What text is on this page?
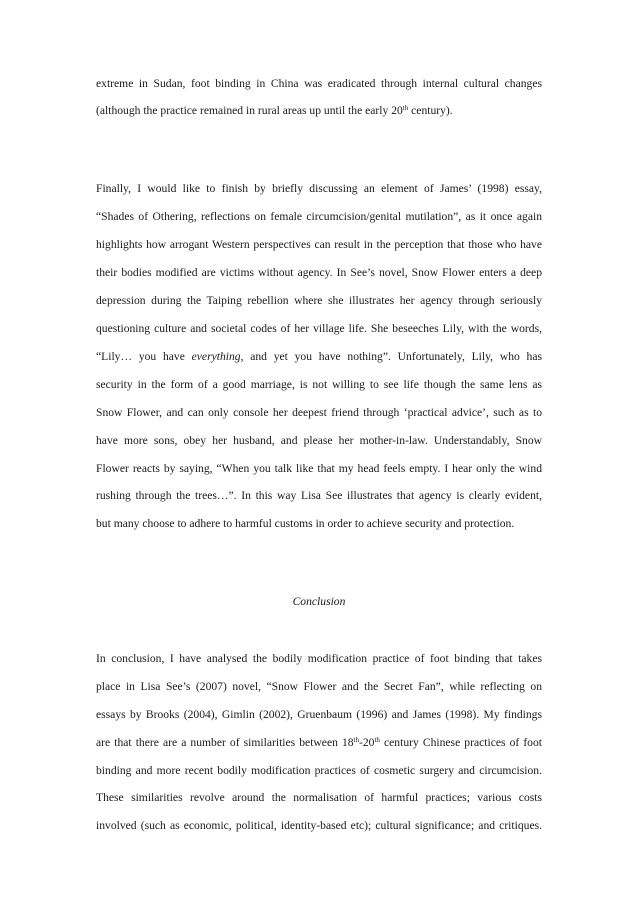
extreme in Sudan, foot binding in China was eradicated through internal cultural changes
(although the practice remained in rural areas up until the early 20th century).
Finally, I would like to finish by briefly discussing an element of James’ (1998) essay,
“Shades of Othering, reflections on female circumcision/genital mutilation”, as it once again
highlights how arrogant Western perspectives can result in the perception that those who have
their bodies modified are victims without agency. In See’s novel, Snow Flower enters a deep
depression during the Taiping rebellion where she illustrates her agency through seriously
questioning culture and societal codes of her village life. She beseeches Lily, with the words,
“Lily… you have everything, and yet you have nothing”. Unfortunately, Lily, who has
security in the form of a good marriage, is not willing to see life though the same lens as
Snow Flower, and can only console her deepest friend through ‘practical advice’, such as to
have more sons, obey her husband, and please her mother-in-law. Understandably, Snow
Flower reacts by saying, “When you talk like that my head feels empty. I hear only the wind
rushing through the trees…”. In this way Lisa See illustrates that agency is clearly evident,
but many choose to adhere to harmful customs in order to achieve security and protection.
Conclusion
In conclusion, I have analysed the bodily modification practice of foot binding that takes
place in Lisa See’s (2007) novel, “Snow Flower and the Secret Fan”, while reflecting on
essays by Brooks (2004), Gimlin (2002), Gruenbaum (1996) and James (1998). My findings
are that there are a number of similarities between 18th-20th century Chinese practices of foot
binding and more recent bodily modification practices of cosmetic surgery and circumcision.
These similarities revolve around the normalisation of harmful practices; various costs
involved (such as economic, political, identity-based etc); cultural significance; and critiques.
